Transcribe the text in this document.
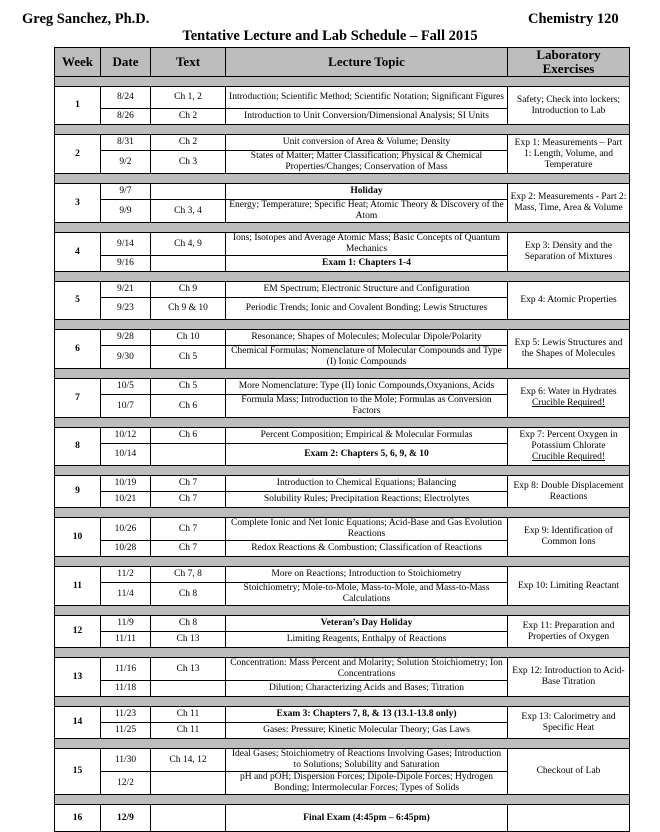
Greg Sanchez, Ph.D.	Chemistry 120
Tentative Lecture and Lab Schedule – Fall 2015
Week	Date	Text	Lecture Topic	Laboratory Exercises

1	8/24	Ch 1, 2	Introduction; Scientific Method; Scientific Notation; Significant Figures	Safety; Check into lockers; Introduction to Lab
	8/26	Ch 2	Introduction to Unit Conversion/Dimensional Analysis; SI Units	

2	8/31	Ch 2	Unit conversion of Area & Volume; Density	Exp 1: Measurements – Part 1: Length, Volume, and Temperature
	9/2	Ch 3	States of Matter; Matter Classification; Physical & Chemical Properties/Changes; Conservation of Mass	

3	9/7		Holiday	Exp 2: Measurements - Part 2: Mass, Time, Area & Volume
	9/9	Ch 3, 4	Energy; Temperature; Specific Heat; Atomic Theory & Discovery of the Atom	

4	9/14	Ch 4, 9	Ions; Isotopes and Average Atomic Mass; Basic Concepts of Quantum Mechanics	Exp 3: Density and the Separation of Mixtures
	9/16		Exam 1: Chapters 1-4	

5	9/21	Ch 9	EM Spectrum; Electronic Structure and Configuration	Exp 4: Atomic Properties
	9/23	Ch 9 & 10	Periodic Trends; Ionic and Covalent Bonding; Lewis Structures	

6	9/28	Ch 10	Resonance; Shapes of Molecules; Molecular Dipole/Polarity	Exp 5: Lewis Structures and the Shapes of Molecules
	9/30	Ch 5	Chemical Formulas; Nomenclature of Molecular Compounds and Type (I) Ionic Compounds	

7	10/5	Ch 5	More Nomenclature: Type (II) Ionic Compounds,Oxyanions, Acids	Exp 6: Water in Hydrates
Crucible Required!
	10/7	Ch 6	Formula Mass; Introduction to the Mole; Formulas as Conversion Factors	

8	10/12	Ch 6	Percent Composition; Empirical & Molecular Formulas	Exp 7: Percent Oxygen in Potassium Chlorate
Crucible Required!
	10/14		Exam 2: Chapters 5, 6, 9, & 10	

9	10/19	Ch 7	Introduction to Chemical Equations; Balancing	Exp 8: Double Displacement Reactions
	10/21	Ch 7	Solubility Rules; Precipitation Reactions; Electrolytes	

10	10/26	Ch 7	Complete Ionic and Net Ionic Equations; Acid-Base and Gas Evolution Reactions	Exp 9: Identification of Common Ions
	10/28	Ch 7	Redox Reactions & Combustion; Classification of Reactions	

11	11/2	Ch 7, 8	More on Reactions; Introduction to Stoichiometry	Exp 10: Limiting Reactant
	11/4	Ch 8	Stoichiometry; Mole-to-Mole, Mass-to-Mole, and Mass-to-Mass Calculations	

12	11/9	Ch 8	Veteran’s Day Holiday	Exp 11: Preparation and Properties of Oxygen
	11/11	Ch 13	Limiting Reagents, Enthalpy of Reactions	

13	11/16	Ch 13	Concentration: Mass Percent and Molarity; Solution Stoichiometry; Ion Concentrations	Exp 12: Introduction to Acid-Base Titration
	11/18		Dilution; Characterizing Acids and Bases; Titration	

14	11/23	Ch 11	Exam 3: Chapters 7, 8, & 13 (13.1-13.8 only)	Exp 13: Calorimetry and Specific Heat
	11/25	Ch 11	Gases: Pressure; Kinetic Molecular Theory; Gas Laws	

15	11/30	Ch 14, 12	Ideal Gases; Stoichiometry of Reactions Involving Gases; Introduction to Solutions; Solubility and Saturation	Checkout of Lab
	12/2		pH and pOH; Dispersion Forces; Dipole-Dipole Forces; Hydrogen Bonding; Intermolecular Forces; Types of Solids	

16	12/9		Final Exam (4:45pm – 6:45pm)	
